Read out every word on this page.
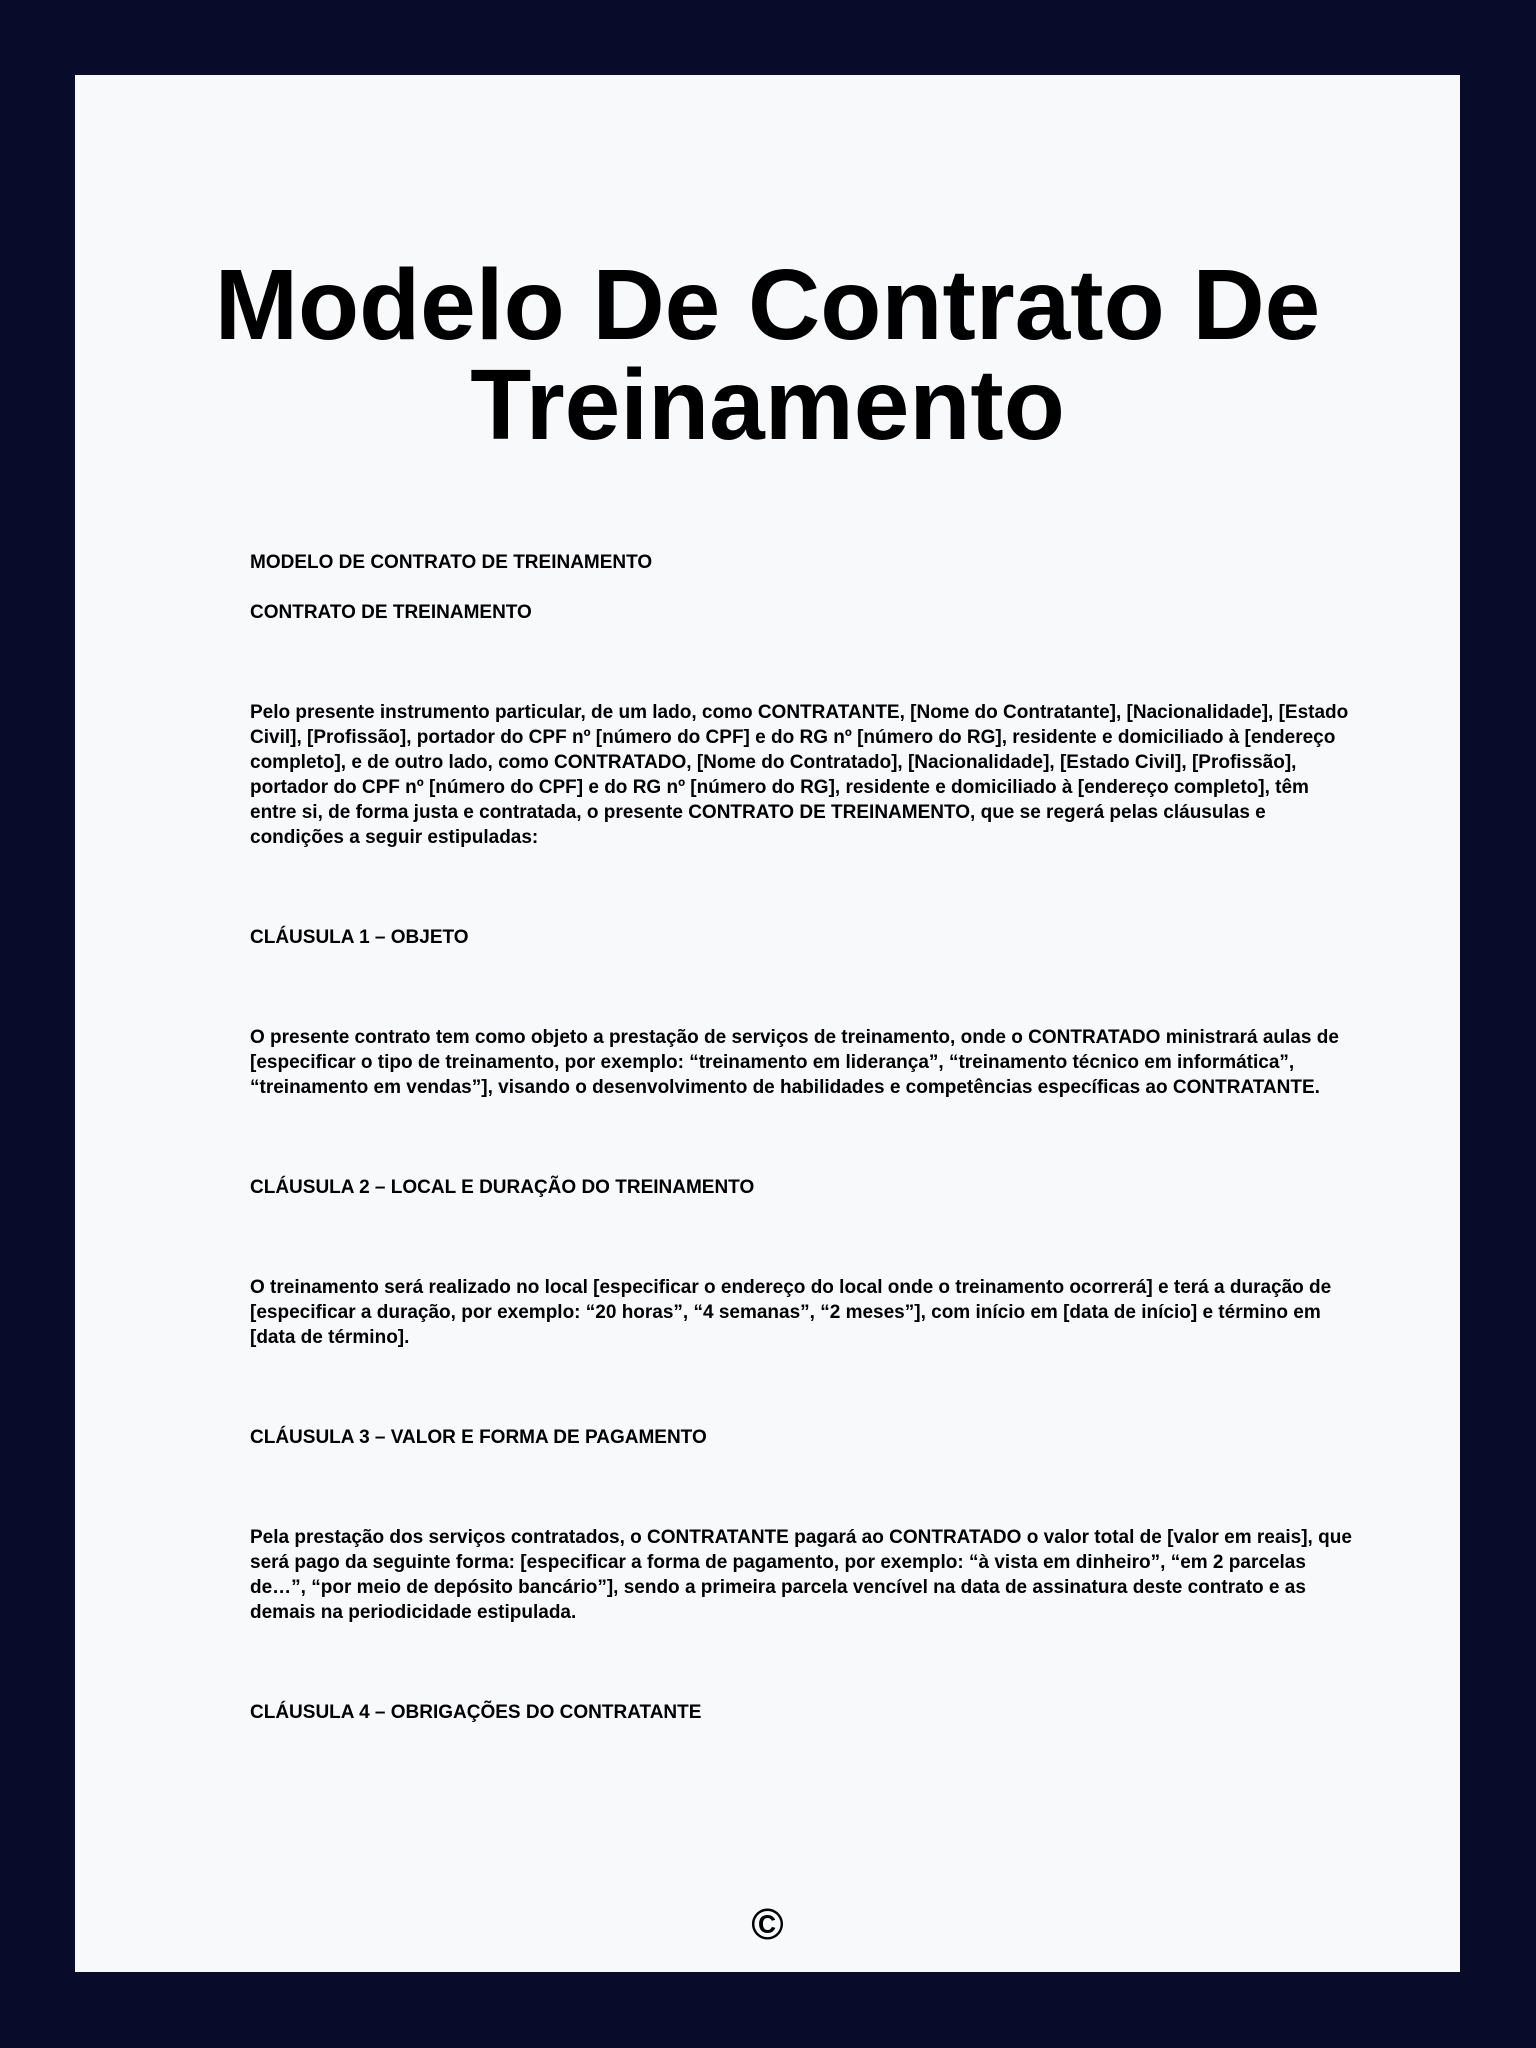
Modelo De Contrato De
Treinamento

MODELO DE CONTRATO DE TREINAMENTO

CONTRATO DE TREINAMENTO

Pelo presente instrumento particular, de um lado, como CONTRATANTE, [Nome do Contratante], [Nacionalidade], [Estado Civil], [Profissão], portador do CPF nº [número do CPF] e do RG nº [número do RG], residente e domiciliado à [endereço completo], e de outro lado, como CONTRATADO, [Nome do Contratado], [Nacionalidade], [Estado Civil], [Profissão], portador do CPF nº [número do CPF] e do RG nº [número do RG], residente e domiciliado à [endereço completo], têm entre si, de forma justa e contratada, o presente CONTRATO DE TREINAMENTO, que se regerá pelas cláusulas e condições a seguir estipuladas:

CLÁUSULA 1 – OBJETO

O presente contrato tem como objeto a prestação de serviços de treinamento, onde o CONTRATADO ministrará aulas de [especificar o tipo de treinamento, por exemplo: “treinamento em liderança”, “treinamento técnico em informática”, “treinamento em vendas”], visando o desenvolvimento de habilidades e competências específicas ao CONTRATANTE.

CLÁUSULA 2 – LOCAL E DURAÇÃO DO TREINAMENTO

O treinamento será realizado no local [especificar o endereço do local onde o treinamento ocorrerá] e terá a duração de [especificar a duração, por exemplo: “20 horas”, “4 semanas”, “2 meses”], com início em [data de início] e término em [data de término].

CLÁUSULA 3 – VALOR E FORMA DE PAGAMENTO

Pela prestação dos serviços contratados, o CONTRATANTE pagará ao CONTRATADO o valor total de [valor em reais], que será pago da seguinte forma: [especificar a forma de pagamento, por exemplo: “à vista em dinheiro”, “em 2 parcelas de…”, “por meio de depósito bancário”], sendo a primeira parcela vencível na data de assinatura deste contrato e as demais na periodicidade estipulada.

CLÁUSULA 4 – OBRIGAÇÕES DO CONTRATANTE

©
